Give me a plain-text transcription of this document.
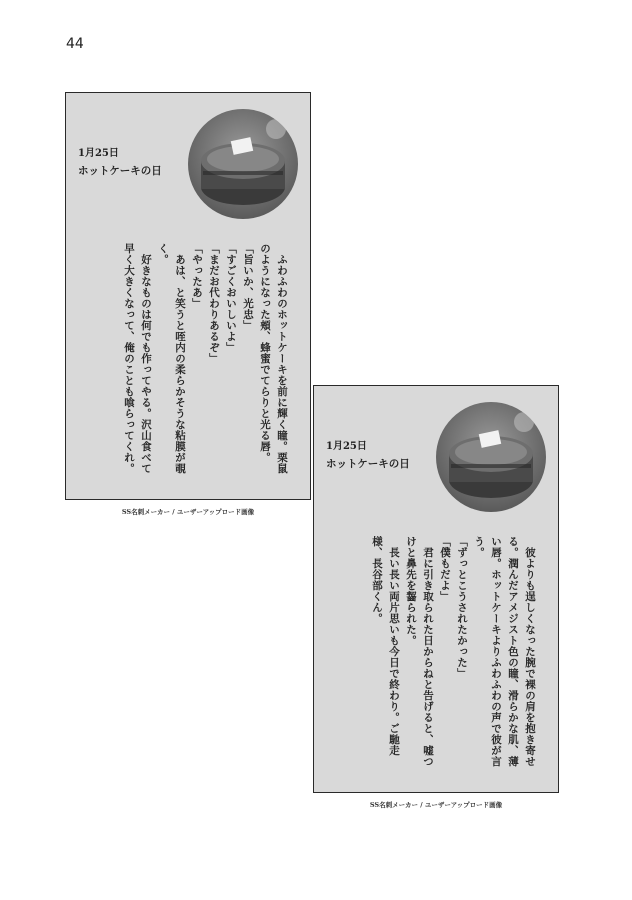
44
1月25日
ホットケーキの日

　ふわふわのホットケーキを前に輝く瞳。栗鼠のようになった頬、蜂蜜でてらりと光る唇。

「旨いか、光忠」

「すごくおいしいよ」

「まだお代わりあるぞ」

「やったあ」

　あは、と笑うと咥内の柔らかそうな粘膜が覗く。

　好きなものは何でも作ってやる。沢山食べて早く大きくなって、俺のことも喰らってくれ。

SS名刺メーカー / ユーザーアップロード画像
1月25日
ホットケーキの日

　彼よりも逞しくなった腕で裸の肩を抱き寄せる。潤んだアメジスト色の瞳、滑らかな肌、薄い唇。ホットケーキよりふわふわの声で彼が言う。

「ずっとこうされたかった」

「僕もだよ」

　君に引き取られた日からねと告げると、嘘つけと鼻先を齧られた。

　長い長い両片思いも今日で終わり。ご馳走様、長谷部くん。

SS名刺メーカー / ユーザーアップロード画像
